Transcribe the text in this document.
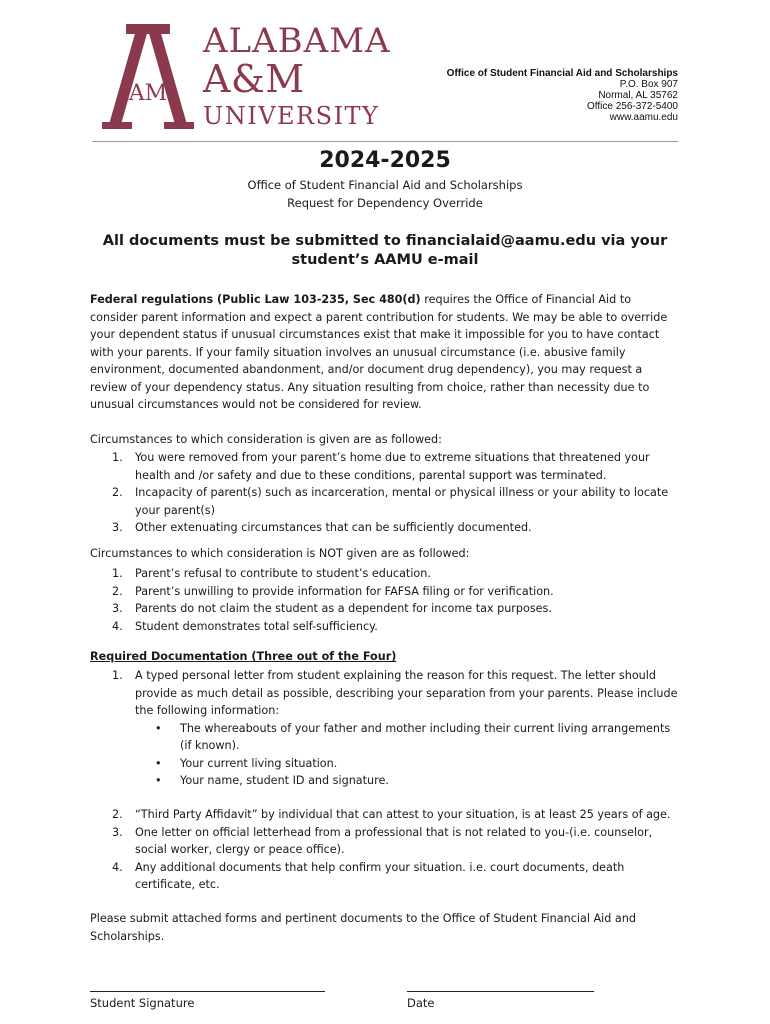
AM
ALABAMA
A&M
UNIVERSITY
Office of Student Financial Aid and Scholarships
P.O. Box 907
Normal, AL 35762
Office 256-372-5400
www.aamu.edu
2024-2025
Office of Student Financial Aid and Scholarships
Request for Dependency Override
All documents must be submitted to financialaid@aamu.edu via your
student’s AAMU e-mail
Federal regulations (Public Law 103-235, Sec 480(d) requires the Office of Financial Aid to consider parent information and expect a parent contribution for students. We may be able to override your dependent status if unusual circumstances exist that make it impossible for you to have contact with your parents. If your family situation involves an unusual circumstance (i.e. abusive family environment, documented abandonment, and/or document drug dependency), you may request a review of your dependency status. Any situation resulting from choice, rather than necessity due to unusual circumstances would not be considered for review.
Circumstances to which consideration is given are as followed:
1. You were removed from your parent’s home due to extreme situations that threatened your health and /or safety and due to these conditions, parental support was terminated.
2. Incapacity of parent(s) such as incarceration, mental or physical illness or your ability to locate your parent(s)
3. Other extenuating circumstances that can be sufficiently documented.
Circumstances to which consideration is NOT given are as followed:
1. Parent’s refusal to contribute to student’s education.
2. Parent’s unwilling to provide information for FAFSA filing or for verification.
3. Parents do not claim the student as a dependent for income tax purposes.
4. Student demonstrates total self-sufficiency.
Required Documentation (Three out of the Four)
1. A typed personal letter from student explaining the reason for this request. The letter should provide as much detail as possible, describing your separation from your parents. Please include the following information:
• The whereabouts of your father and mother including their current living arrangements (if known).
• Your current living situation.
• Your name, student ID and signature.
2. “Third Party Affidavit” by individual that can attest to your situation, is at least 25 years of age.
3. One letter on official letterhead from a professional that is not related to you-(i.e. counselor, social worker, clergy or peace office).
4. Any additional documents that help confirm your situation. i.e. court documents, death certificate, etc.
Please submit attached forms and pertinent documents to the Office of Student Financial Aid and Scholarships.
Student Signature	Date
